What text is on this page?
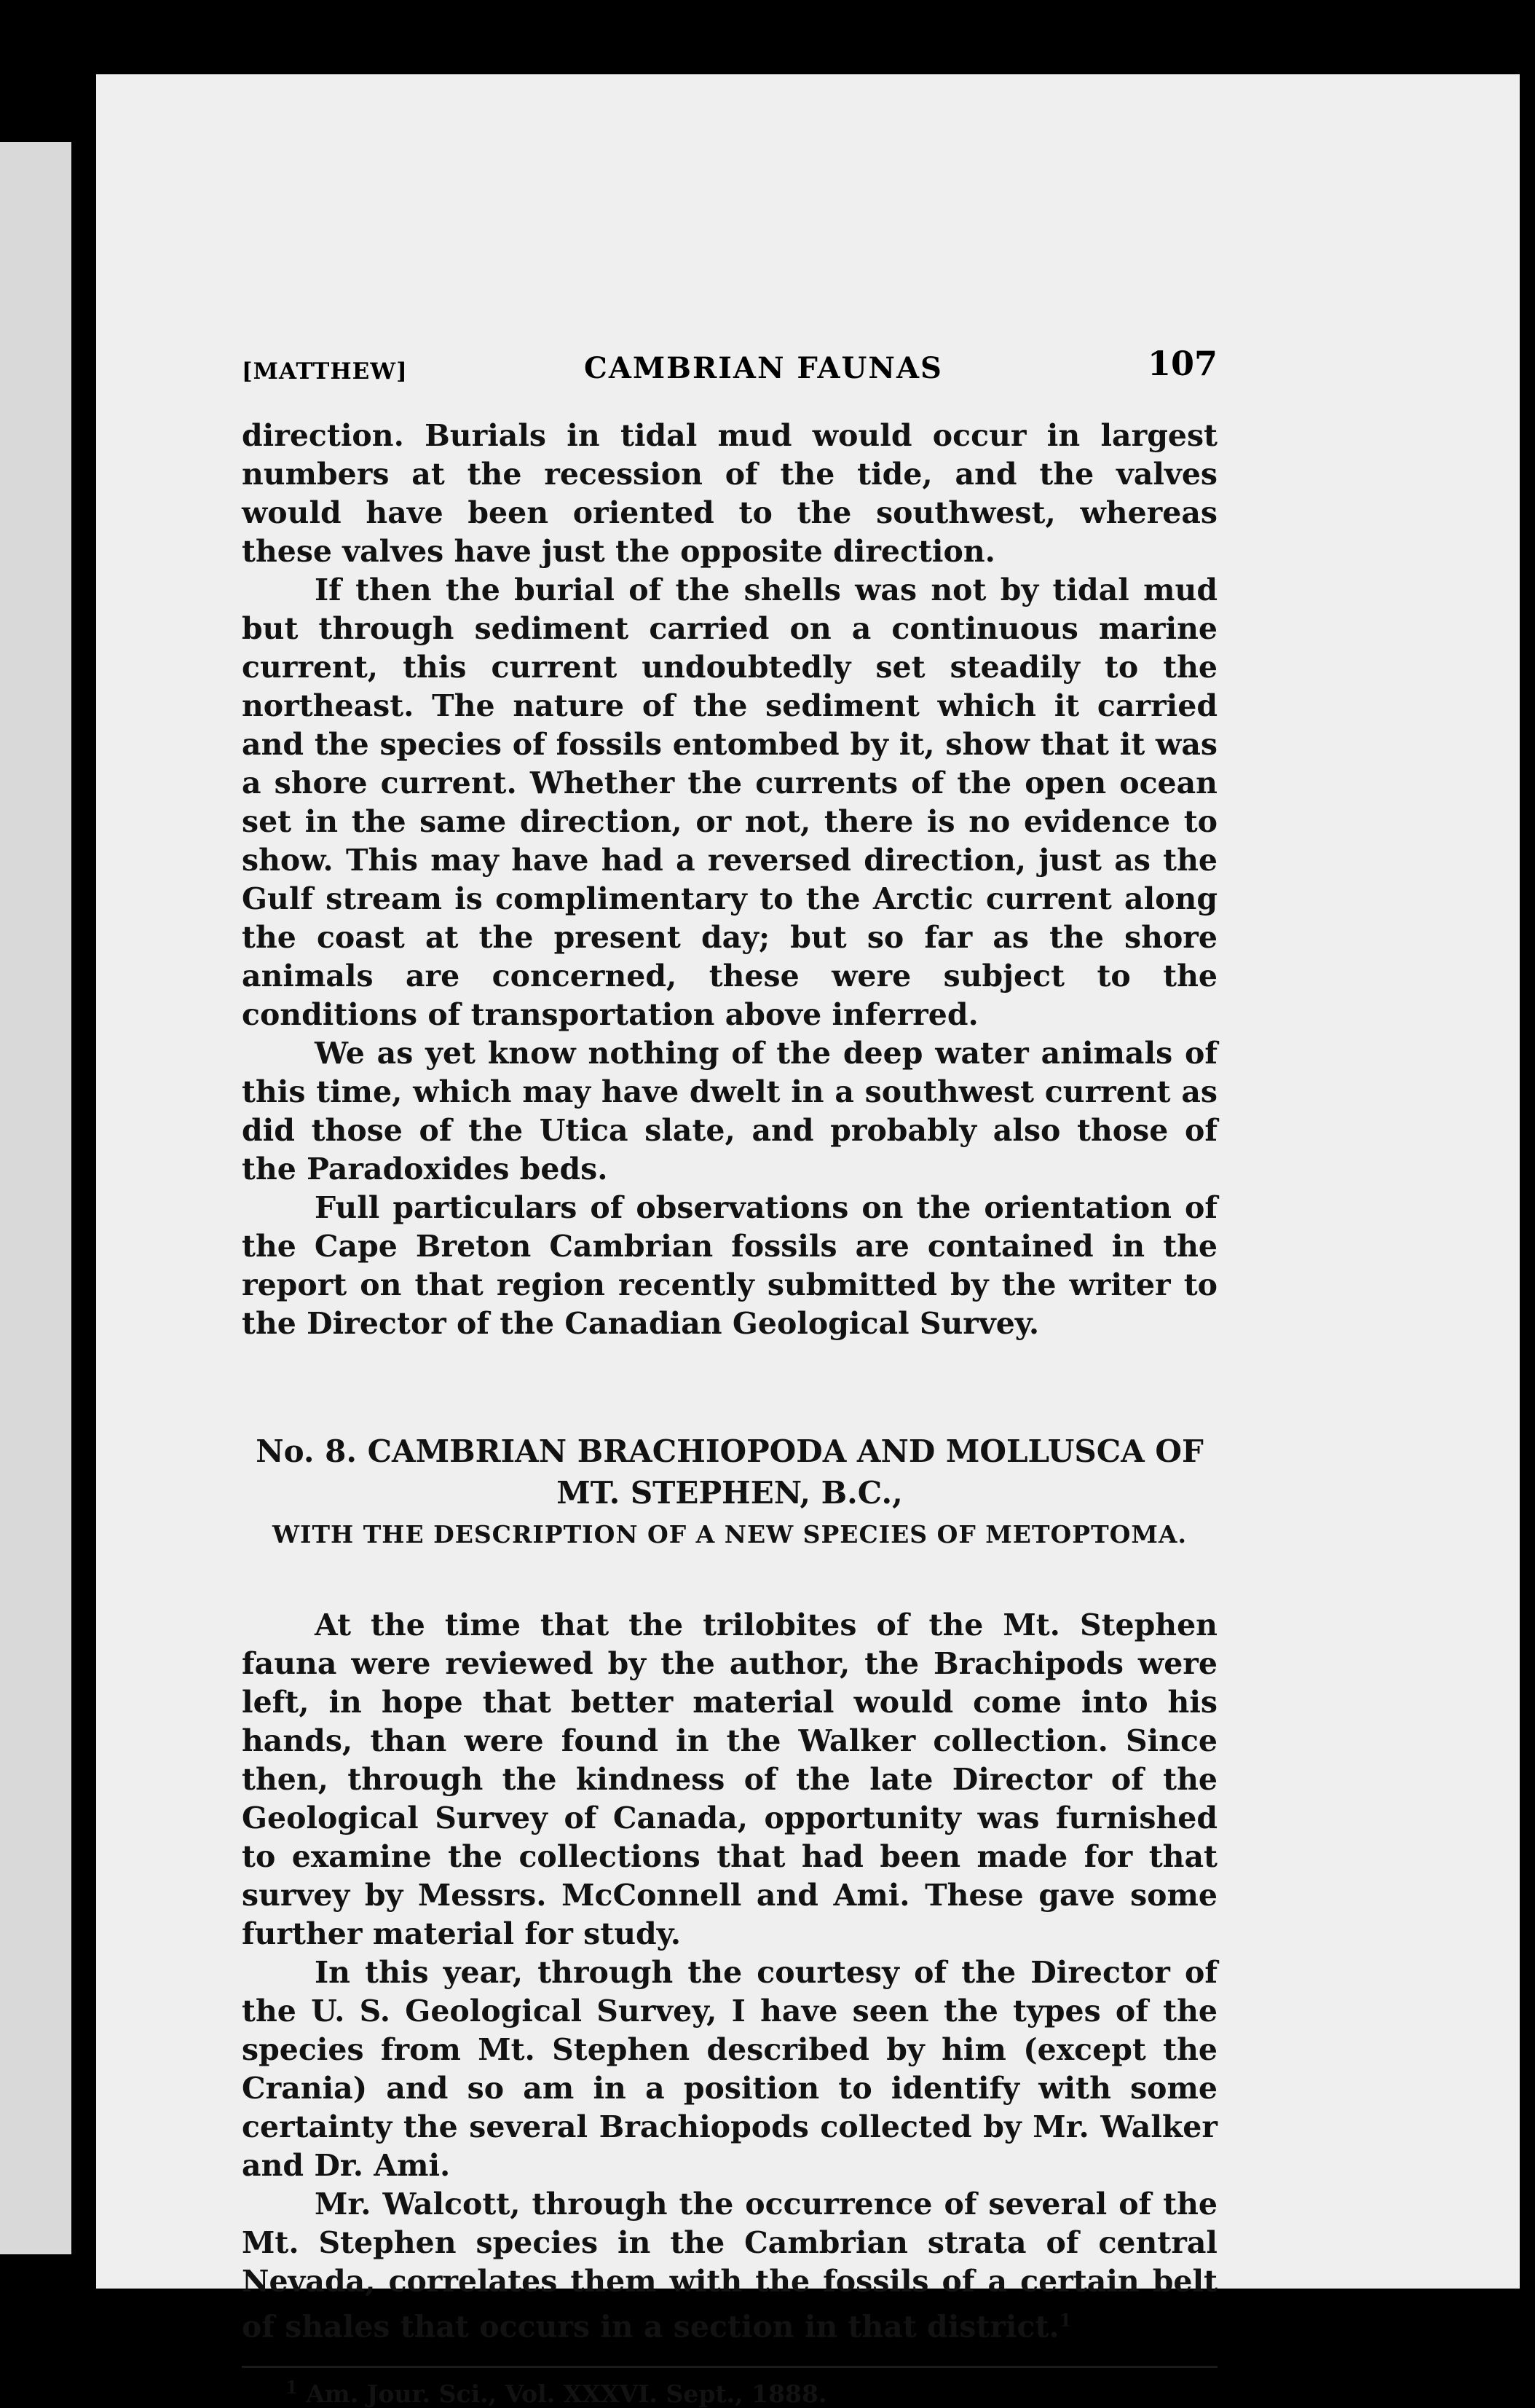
[MATTHEW]	CAMBRIAN FAUNAS	107

direction. Burials in tidal mud would occur in largest numbers at the recession of the tide, and the valves would have been oriented to the southwest, whereas these valves have just the opposite direction.

If then the burial of the shells was not by tidal mud but through sediment carried on a continuous marine current, this current undoubtedly set steadily to the northeast. The nature of the sediment which it carried and the species of fossils entombed by it, show that it was a shore current. Whether the currents of the open ocean set in the same direction, or not, there is no evidence to show. This may have had a reversed direction, just as the Gulf stream is complimentary to the Arctic current along the coast at the present day; but so far as the shore animals are concerned, these were subject to the conditions of transportation above inferred.

We as yet know nothing of the deep water animals of this time, which may have dwelt in a southwest current as did those of the Utica slate, and probably also those of the Paradoxides beds.

Full particulars of observations on the orientation of the Cape Breton Cambrian fossils are contained in the report on that region recently submitted by the writer to the Director of the Canadian Geological Survey.

No. 8. CAMBRIAN BRACHIOPODA AND MOLLUSCA OF MT. STEPHEN, B.C.,
WITH THE DESCRIPTION OF A NEW SPECIES OF METOPTOMA.

At the time that the trilobites of the Mt. Stephen fauna were reviewed by the author, the Brachipods were left, in hope that better material would come into his hands, than were found in the Walker collection. Since then, through the kindness of the late Director of the Geological Survey of Canada, opportunity was furnished to examine the collections that had been made for that survey by Messrs. McConnell and Ami. These gave some further material for study.

In this year, through the courtesy of the Director of the U. S. Geological Survey, I have seen the types of the species from Mt. Stephen described by him (except the Crania) and so am in a position to identify with some certainty the several Brachiopods collected by Mr. Walker and Dr. Ami.

Mr. Walcott, through the occurrence of several of the Mt. Stephen species in the Cambrian strata of central Nevada, correlates them with the fossils of a certain belt of shales that occurs in a section in that district.$^1$

$^1$ Am. Jour. Sci., Vol. XXXVI. Sept., 1888.
